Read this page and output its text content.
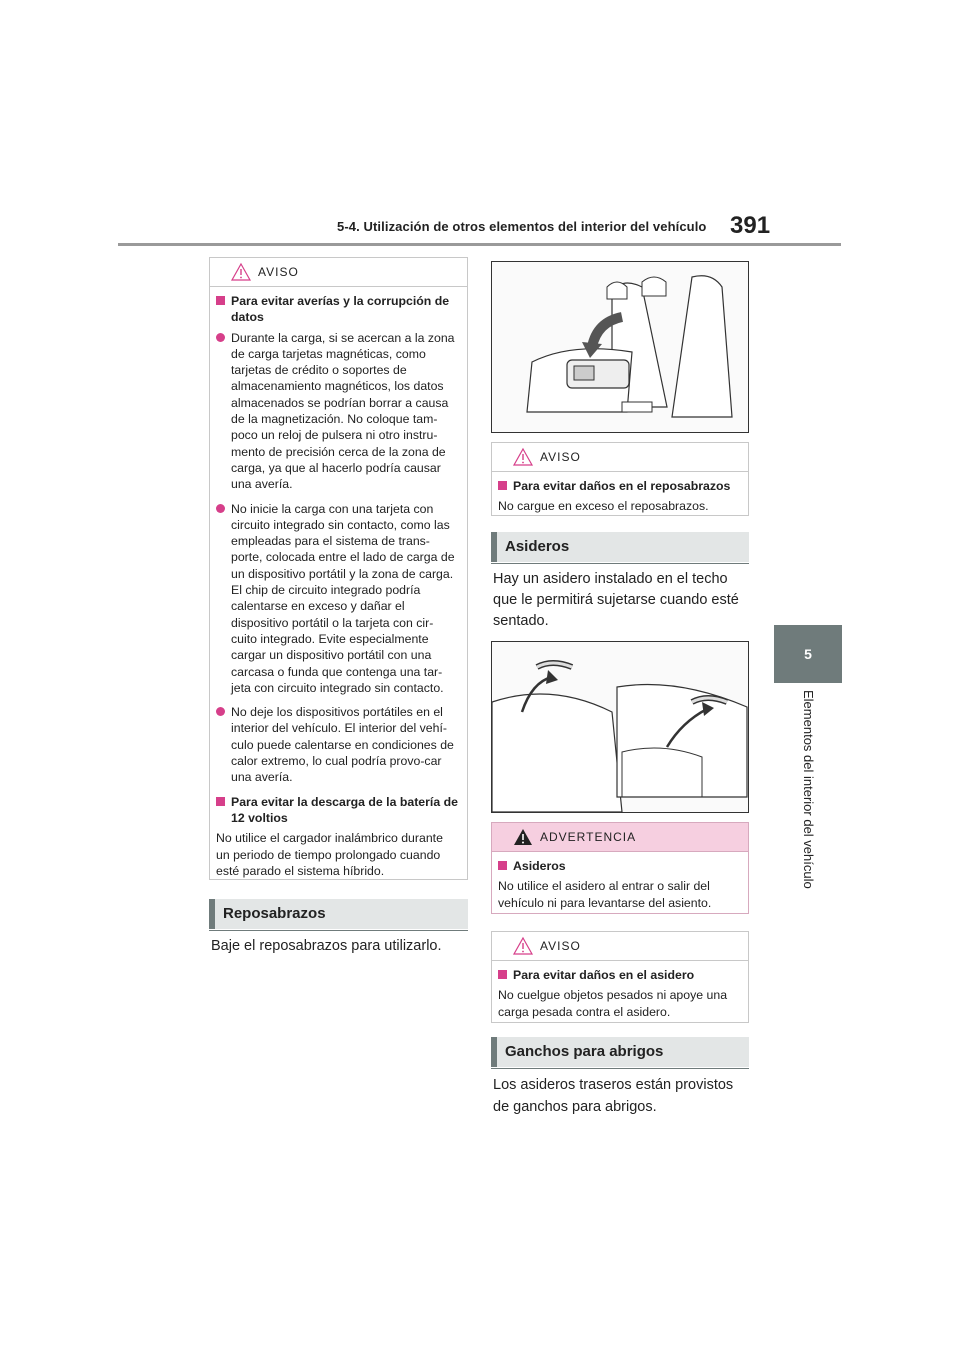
5-4. Utilización de otros elementos del interior del vehículo 391
5
Elementos del interior del vehículo
AVISO
Para evitar averías y la corrupción de datos
Durante la carga, si se acercan a la zona de carga tarjetas magnéticas, como tarjetas de crédito o soportes de almacenamiento magnéticos, los datos almacenados se podrían borrar a causa de la magnetización. No coloque tam-poco un reloj de pulsera ni otro instru-mento de precisión cerca de la zona de carga, ya que al hacerlo podría causar una avería.
No inicie la carga con una tarjeta con circuito integrado sin contacto, como las empleadas para el sistema de trans-porte, colocada entre el lado de carga de un dispositivo portátil y la zona de carga. El chip de circuito integrado podría calentarse en exceso y dañar el dispositivo portátil o la tarjeta con cir-cuito integrado. Evite especialmente cargar un dispositivo portátil con una carcasa o funda que contenga una tar-jeta con circuito integrado sin contacto.
No deje los dispositivos portátiles en el interior del vehículo. El interior del vehí-culo puede calentarse en condiciones de calor extremo, lo cual podría provo-car una avería.
Para evitar la descarga de la batería de 12 voltios
No utilice el cargador inalámbrico durante un periodo de tiempo prolongado cuando esté parado el sistema híbrido.
Reposabrazos
Baje el reposabrazos para utilizarlo.
AVISO
Para evitar daños en el reposabrazos
No cargue en exceso el reposabrazos.
Asideros
Hay un asidero instalado en el techo que le permitirá sujetarse cuando esté sentado.
ADVERTENCIA
Asideros
No utilice el asidero al entrar o salir del vehículo ni para levantarse del asiento.
AVISO
Para evitar daños en el asidero
No cuelgue objetos pesados ni apoye una carga pesada contra el asidero.
Ganchos para abrigos
Los asideros traseros están provistos de ganchos para abrigos.
